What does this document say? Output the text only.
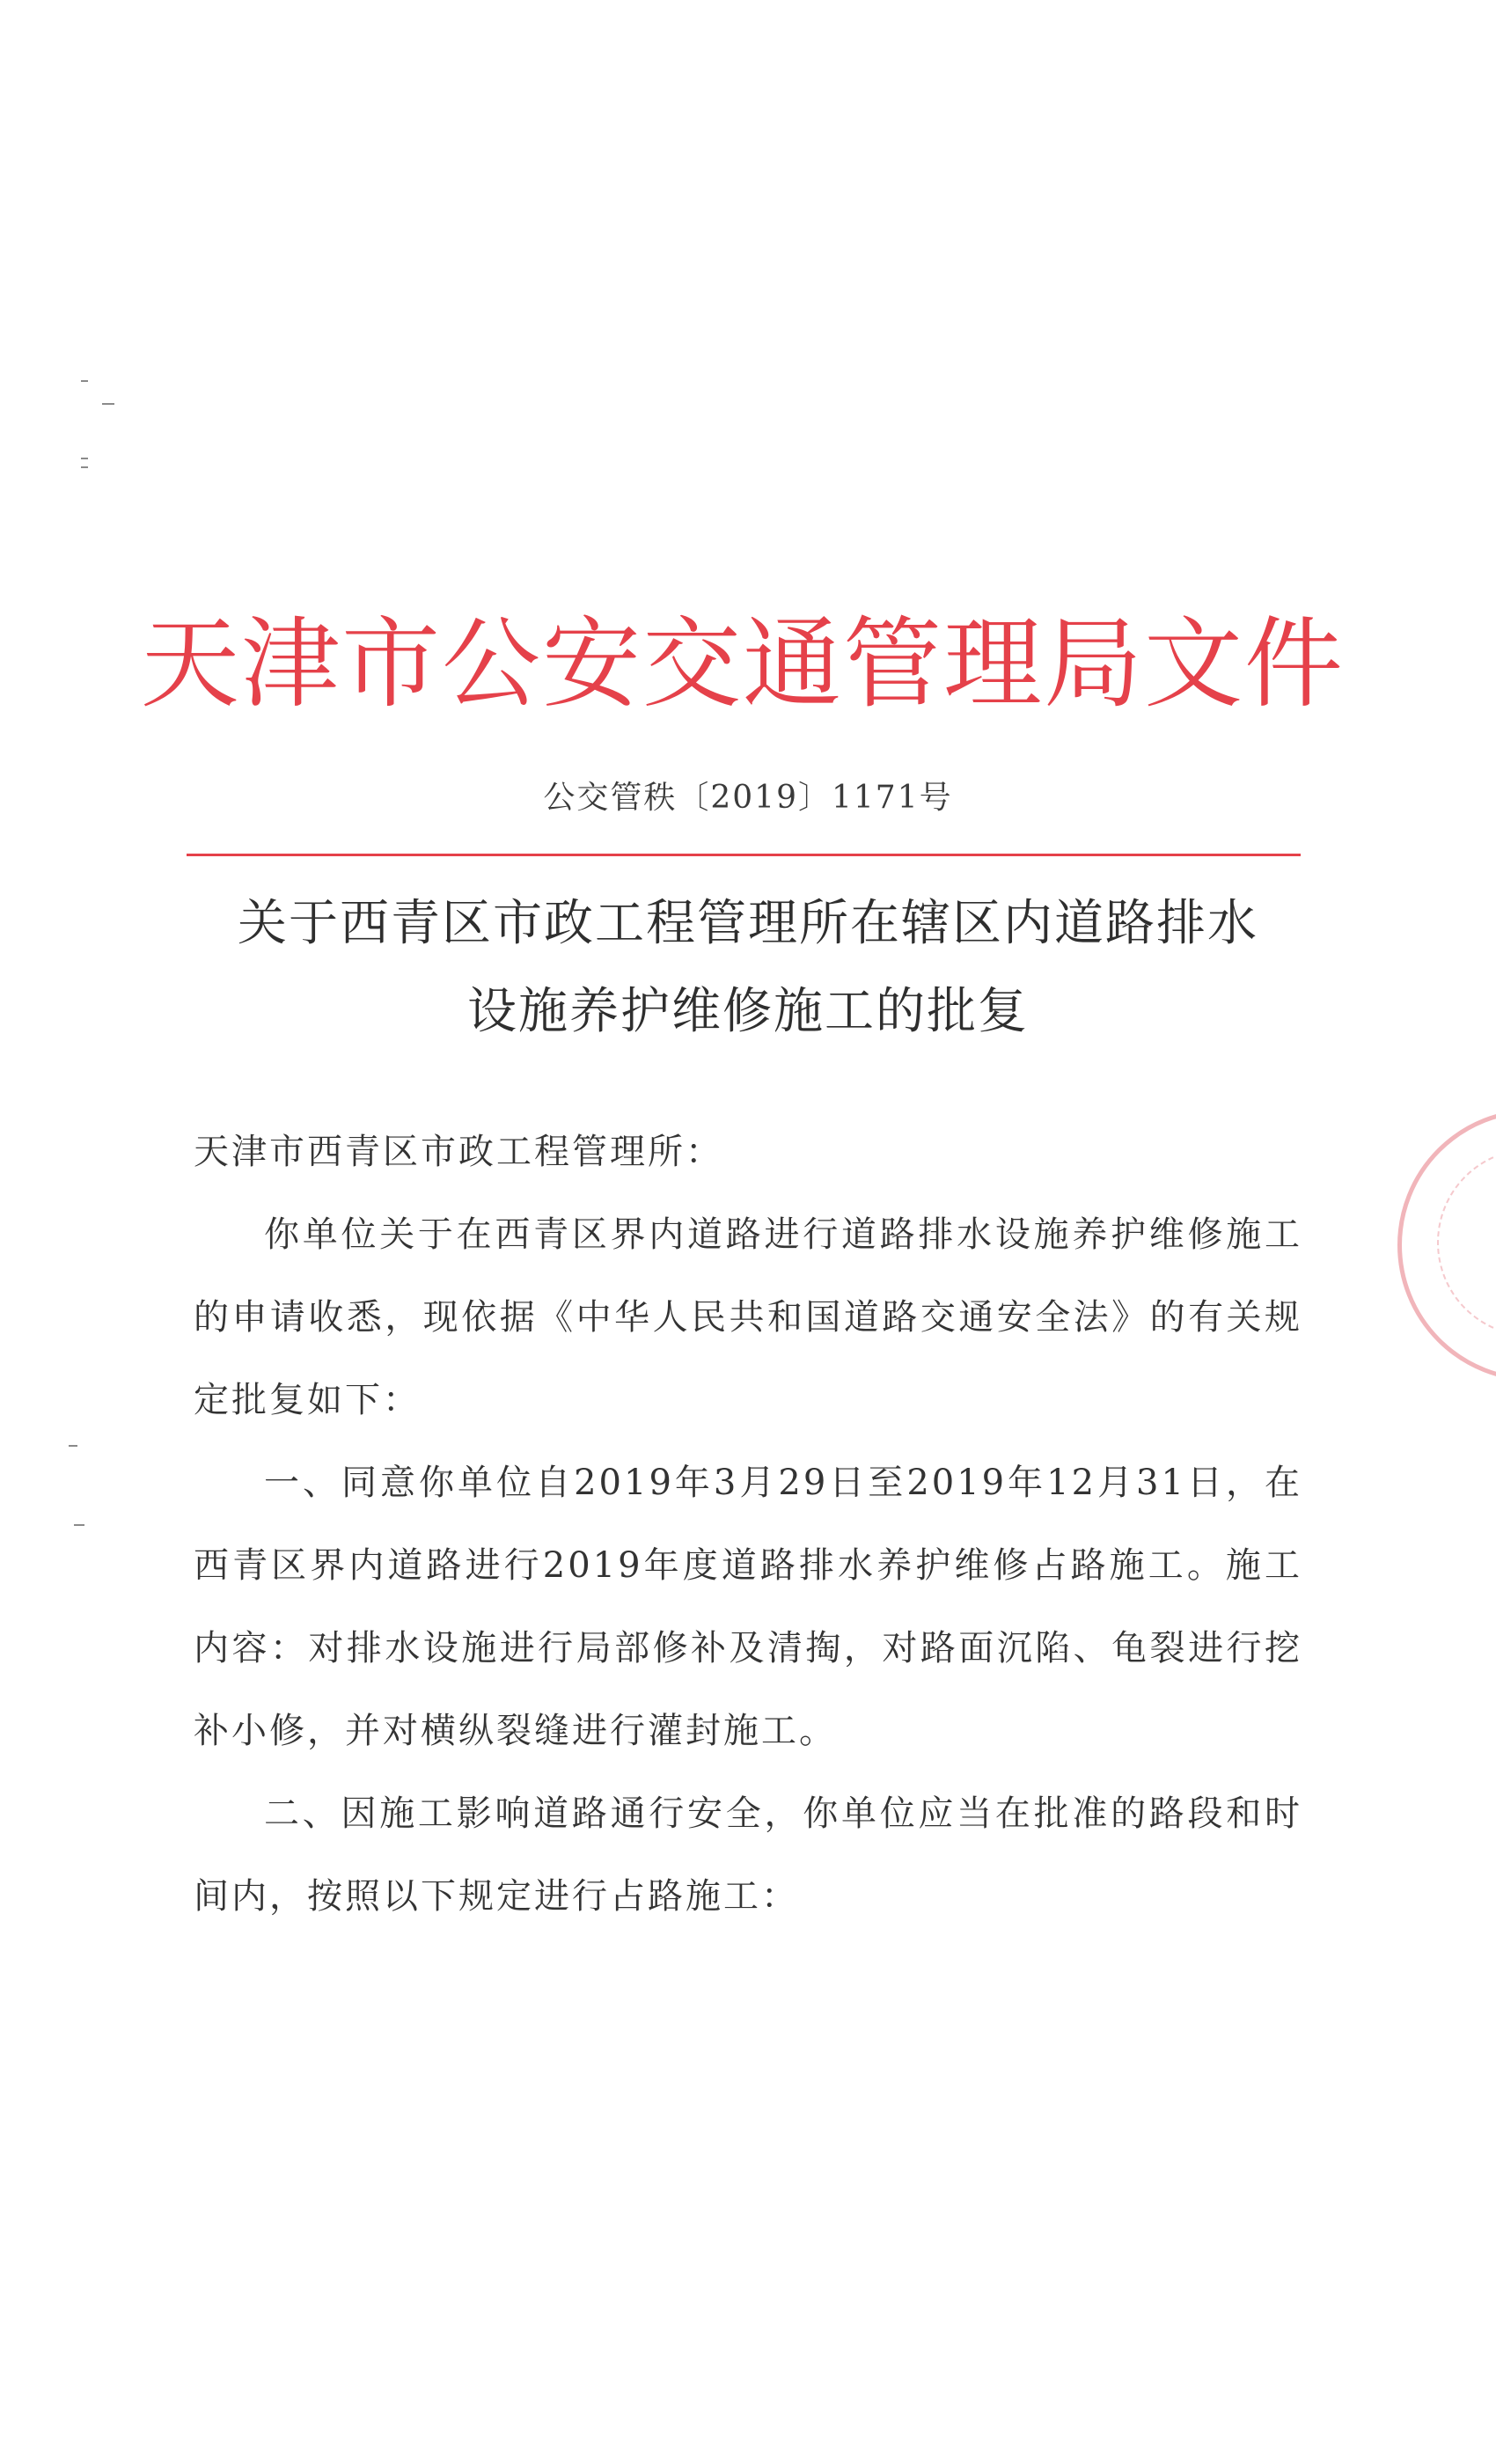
天津市公安交通管理局文件
公交管秩〔2019〕1171号
关于西青区市政工程管理所在辖区内道路排水
设施养护维修施工的批复
天津市西青区市政工程管理所：
你单位关于在西青区界内道路进行道路排水设施养护维修施工的申请收悉，现依据《中华人民共和国道路交通安全法》的有关规定批复如下：
一、同意你单位自2019年3月29日至2019年12月31日，在西青区界内道路进行2019年度道路排水养护维修占路施工。施工内容：对排水设施进行局部修补及清掏，对路面沉陷、龟裂进行挖补小修，并对横纵裂缝进行灌封施工。
二、因施工影响道路通行安全，你单位应当在批准的路段和时间内，按照以下规定进行占路施工：
